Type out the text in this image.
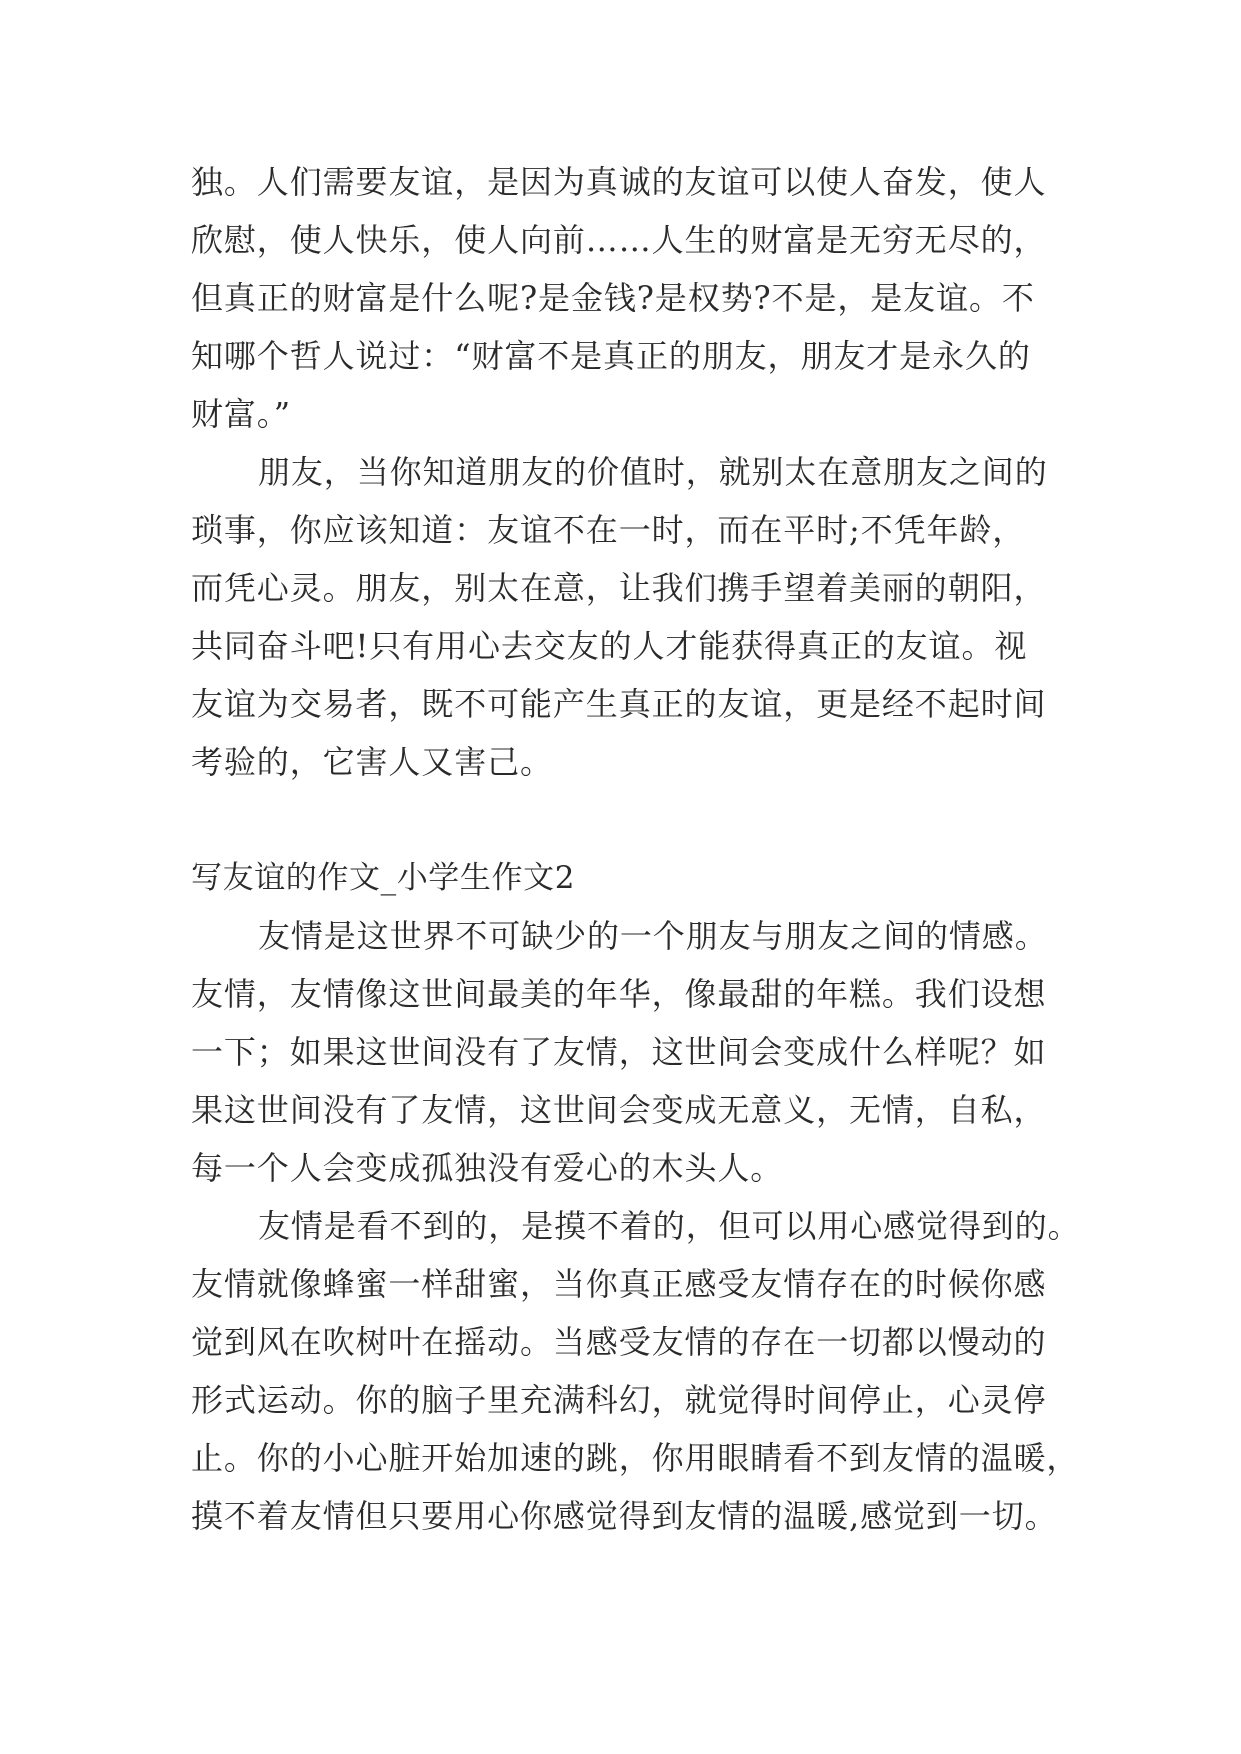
独。人们需要友谊，是因为真诚的友谊可以使人奋发，使人
欣慰，使人快乐，使人向前……人生的财富是无穷无尽的，
但真正的财富是什么呢?是金钱?是权势?不是，是友谊。不
知哪个哲人说过：“财富不是真正的朋友，朋友才是永久的
财富。”
朋友，当你知道朋友的价值时，就别太在意朋友之间的
琐事，你应该知道：友谊不在一时，而在平时;不凭年龄，
而凭心灵。朋友，别太在意，让我们携手望着美丽的朝阳，
共同奋斗吧!只有用心去交友的人才能获得真正的友谊。视
友谊为交易者，既不可能产生真正的友谊，更是经不起时间
考验的，它害人又害己。
写友谊的作文_小学生作文2
友情是这世界不可缺少的一个朋友与朋友之间的情感。
友情，友情像这世间最美的年华，像最甜的年糕。我们设想
一下；如果这世间没有了友情，这世间会变成什么样呢？如
果这世间没有了友情，这世间会变成无意义，无情，自私，
每一个人会变成孤独没有爱心的木头人。
友情是看不到的，是摸不着的，但可以用心感觉得到的。
友情就像蜂蜜一样甜蜜，当你真正感受友情存在的时候你感
觉到风在吹树叶在摇动。当感受友情的存在一切都以慢动的
形式运动。你的脑子里充满科幻，就觉得时间停止，心灵停
止。你的小心脏开始加速的跳，你用眼睛看不到友情的温暖，
摸不着友情但只要用心你感觉得到友情的温暖,感觉到一切。
